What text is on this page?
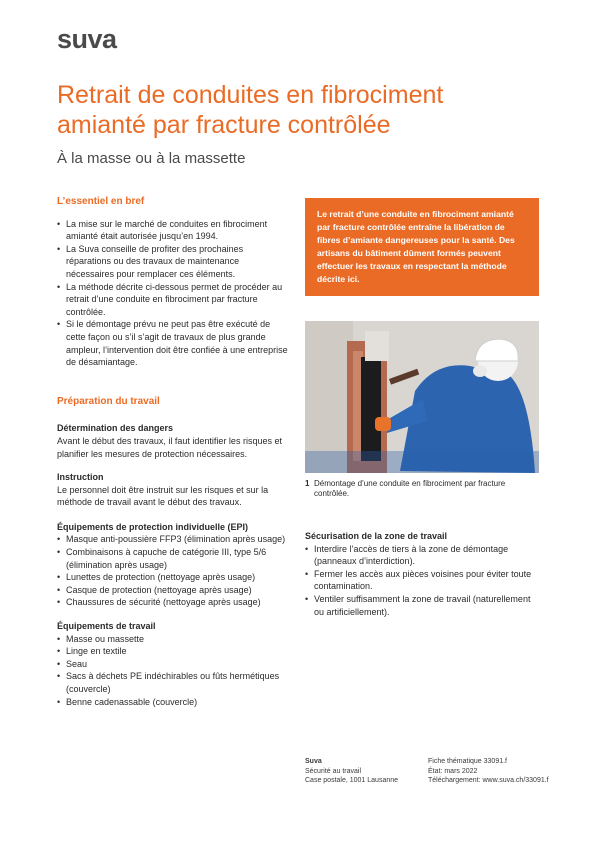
suva
Retrait de conduites en fibrociment amianté par fracture contrôlée
À la masse ou à la massette
L’essentiel en bref
• La mise sur le marché de conduites en fibrociment amianté était autorisée jusqu’en 1994.
• La Suva conseille de profiter des prochaines réparations ou des travaux de maintenance nécessaires pour remplacer ces éléments.
• La méthode décrite ci-dessous permet de procéder au retrait d’une conduite en fibrociment par fracture contrôlée.
• Si le démontage prévu ne peut pas être exécuté de cette façon ou s’il s’agit de travaux de plus grande ampleur, l’intervention doit être confiée à une entreprise de désamiantage.
Préparation du travail
Détermination des dangers

Avant le début des travaux, il faut identifier les risques et planifier les mesures de protection nécessaires.

Instruction

Le personnel doit être instruit sur les risques et sur la méthode de travail avant le début des travaux.

Équipements de protection individuelle (EPI)
• Masque anti-poussière FFP3 (élimination après usage)
• Combinaisons à capuche de catégorie III, type 5/6 (élimination après usage)
• Lunettes de protection (nettoyage après usage)
• Casque de protection (nettoyage après usage)
• Chaussures de sécurité (nettoyage après usage)
Équipements de travail
• Masse ou massette
• Linge en textile
• Seau
• Sacs à déchets PE indéchirables ou fûts hermétiques (couvercle)
• Benne cadenassable (couvercle)

Le retrait d’une conduite en fibrociment amianté par fracture contrôlée entraîne la libération de fibres d’amiante dangereuses pour la santé. Des artisans du bâtiment dûment formés peuvent effectuer les travaux en respectant la méthode décrite ici.

1 Démontage d’une conduite en fibrociment par fracture contrôlée.
Sécurisation de la zone de travail
• Interdire l’accès de tiers à la zone de démontage (panneaux d’interdiction).
• Fermer les accès aux pièces voisines pour éviter toute contamination.
• Ventiler suffisamment la zone de travail (naturellement ou artificiellement).
Suva
Sécurité au travail
Case postale, 1001 Lausanne
Fiche thématique 33091.f
État: mars 2022
Téléchargement: www.suva.ch/33091.f
